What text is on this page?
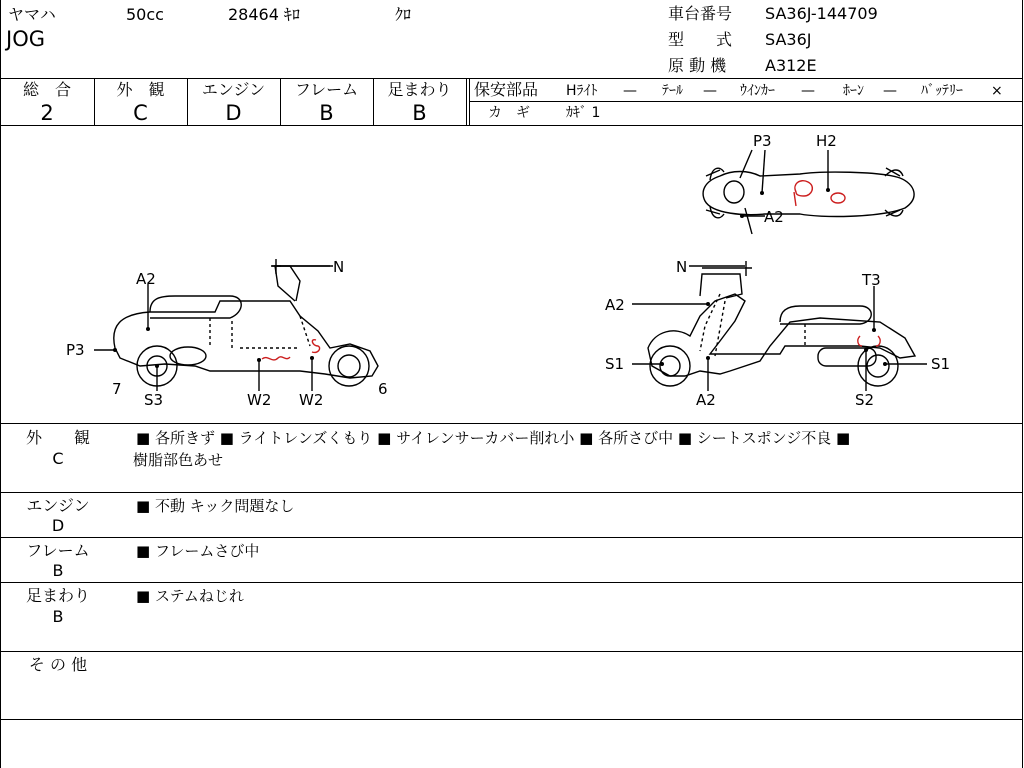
ヤマハ	50cc	28464 ｷﾛ	ｸﾛ
JOG
車台番号 SA36J-144709
型　　式 SA36J
原 動 機 A312E
総　合
2
外　観
C
エンジン
D
フレーム
B
足まわり
B
保安部品 Hﾗｲﾄ — ﾃｰﾙ — ｳｲﾝｶｰ — ﾎｰﾝ — ﾊﾞｯﾃﾘｰ ×
カ　ギ	ｶｷﾞ 1
A2
P3
7
S3	W2 W2
N
6
N
A2
S1
A2
T3
S1
S2
P3	H2
A2
外　　観
C
■ 各所きず ■ ライトレンズくもり ■ サイレンサーカバー削れ小 ■ 各所さび中 ■ シートスポンジ不良 ■
樹脂部色あせ
エンジン
D
■ 不動 キック問題なし
フレーム
B
■ フレームさび中
足まわり
B
■ ステムねじれ
そ の 他
